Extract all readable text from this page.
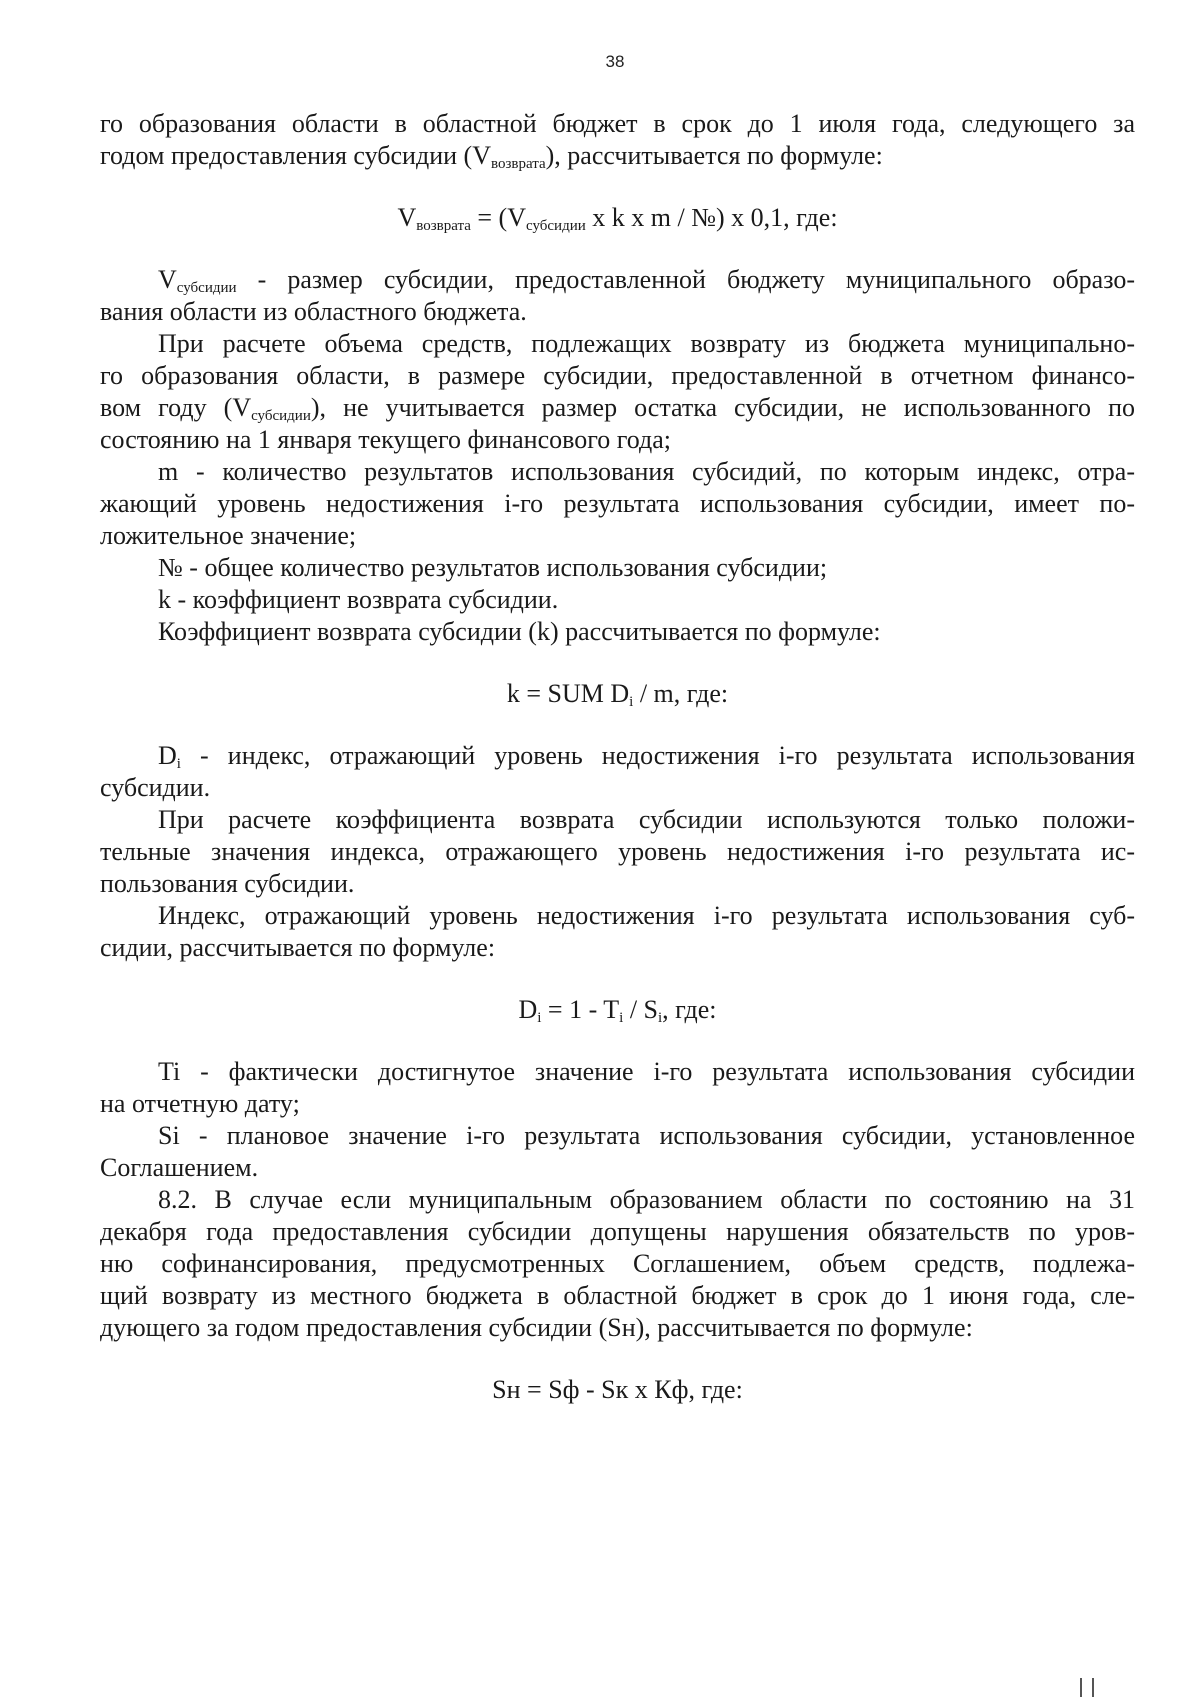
38
го образования области в областной бюджет в срок до 1 июля года, следующего за
годом предоставления субсидии $(V_{возврата})$, рассчитывается по формуле:
$V_{возврата} = (V_{субсидии}$ x k x m / №) x 0,1, где:
$V_{субсидии}$ - размер субсидии, предоставленной бюджету муниципального образо-
вания области из областного бюджета.
При расчете объема средств, подлежащих возврату из бюджета муниципально-
го образования области, в размере субсидии, предоставленной в отчетном финансо-
вом году $(V_{субсидии})$, не учитывается размер остатка субсидии, не использованного по
состоянию на 1 января текущего финансового года;
m - количество результатов использования субсидий, по которым индекс, отра-
жающий уровень недостижения i-го результата использования субсидии, имеет по-
ложительное значение;
№ - общее количество результатов использования субсидии;
k - коэффициент возврата субсидии.
Коэффициент возврата субсидии (k) рассчитывается по формуле:
k = SUM $D_i$ / m, где:
$D_i$ - индекс, отражающий уровень недостижения i-го результата использования
субсидии.
При расчете коэффициента возврата субсидии используются только положи-
тельные значения индекса, отражающего уровень недостижения i-го результата ис-
пользования субсидии.
Индекс, отражающий уровень недостижения i-го результата использования суб-
сидии, рассчитывается по формуле:
$D_i = 1 - T_i / S_i$, где:
Ti - фактически достигнутое значение i-го результата использования субсидии
на отчетную дату;
Si - плановое значение i-го результата использования субсидии, установленное
Соглашением.
8.2. В случае если муниципальным образованием области по состоянию на 31
декабря года предоставления субсидии допущены нарушения обязательств по уров-
ню софинансирования, предусмотренных Соглашением, объем средств, подлежа-
щий возврату из местного бюджета в областной бюджет в срок до 1 июня года, сле-
дующего за годом предоставления субсидии (Sн), рассчитывается по формуле:
Sн = Sф - Sк x Кф, где:
